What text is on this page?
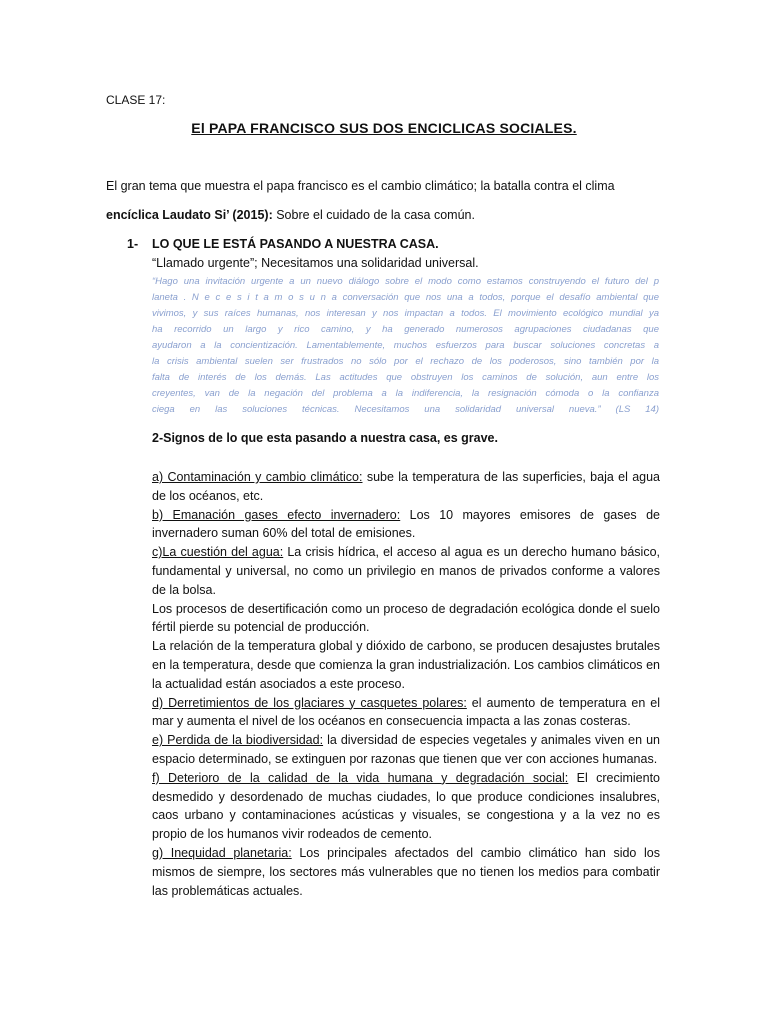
CLASE 17:

El PAPA FRANCISCO SUS DOS ENCICLICAS SOCIALES.

El gran tema que muestra el papa francisco es el cambio climático; la batalla contra el clima

encíclica Laudato Si’ (2015): Sobre el cuidado de la casa común.

1- LO QUE LE ESTÁ PASANDO A NUESTRA CASA.

“Llamado urgente”; Necesitamos una solidaridad universal.

“Hago una invitación urgente a un nuevo diálogo sobre el modo como estamos construyendo el futuro del p
laneta . N e c e s i t a m o s u n a conversación que nos una a todos, porque el desafío ambiental que
vivimos, y sus raíces humanas, nos interesan y nos impactan a todos. El movimiento ecológico mundial ya
ha recorrido un largo y rico camino, y ha generado numerosos agrupaciones ciudadanas que
ayudaron a la concientización. Lamentablemente, muchos esfuerzos para buscar soluciones concretas a
la crisis ambiental suelen ser frustrados no sólo por el rechazo de los poderosos, sino también por la
falta de interés de los demás. Las actitudes que obstruyen los caminos de solución, aun entre los
creyentes, van de la negación del problema a la indiferencia, la resignación cómoda o la confianza
ciega en las soluciones técnicas. Necesitamos una solidaridad universal nueva.” (LS 14)

2-Signos de lo que esta pasando a nuestra casa, es grave.

a) Contaminación y cambio climático: sube la temperatura de las superficies, baja el agua de los océanos, etc.

b) Emanación gases efecto invernadero: Los 10 mayores emisores de gases de invernadero suman 60% del total de emisiones.

c)La cuestión del agua: La crisis hídrica, el acceso al agua es un derecho humano básico, fundamental y universal, no como un privilegio en manos de privados conforme a valores de la bolsa.

Los procesos de desertificación como un proceso de degradación ecológica donde el suelo fértil pierde su potencial de producción.

La relación de la temperatura global y dióxido de carbono, se producen desajustes brutales en la temperatura, desde que comienza la gran industrialización. Los cambios climáticos en la actualidad están asociados a este proceso.

d) Derretimientos de los glaciares y casquetes polares: el aumento de temperatura en el mar y aumenta el nivel de los océanos en consecuencia impacta a las zonas costeras.

e) Perdida de la biodiversidad: la diversidad de especies vegetales y animales viven en un espacio determinado, se extinguen por razonas que tienen que ver con acciones humanas.

f) Deterioro de la calidad de la vida humana y degradación social: El crecimiento desmedido y desordenado de muchas ciudades, lo que produce condiciones insalubres, caos urbano y contaminaciones acústicas y visuales, se congestiona y a la vez no es propio de los humanos vivir rodeados de cemento.

g) Inequidad planetaria: Los principales afectados del cambio climático han sido los mismos de siempre, los sectores más vulnerables que no tienen los medios para combatir las problemáticas actuales.
